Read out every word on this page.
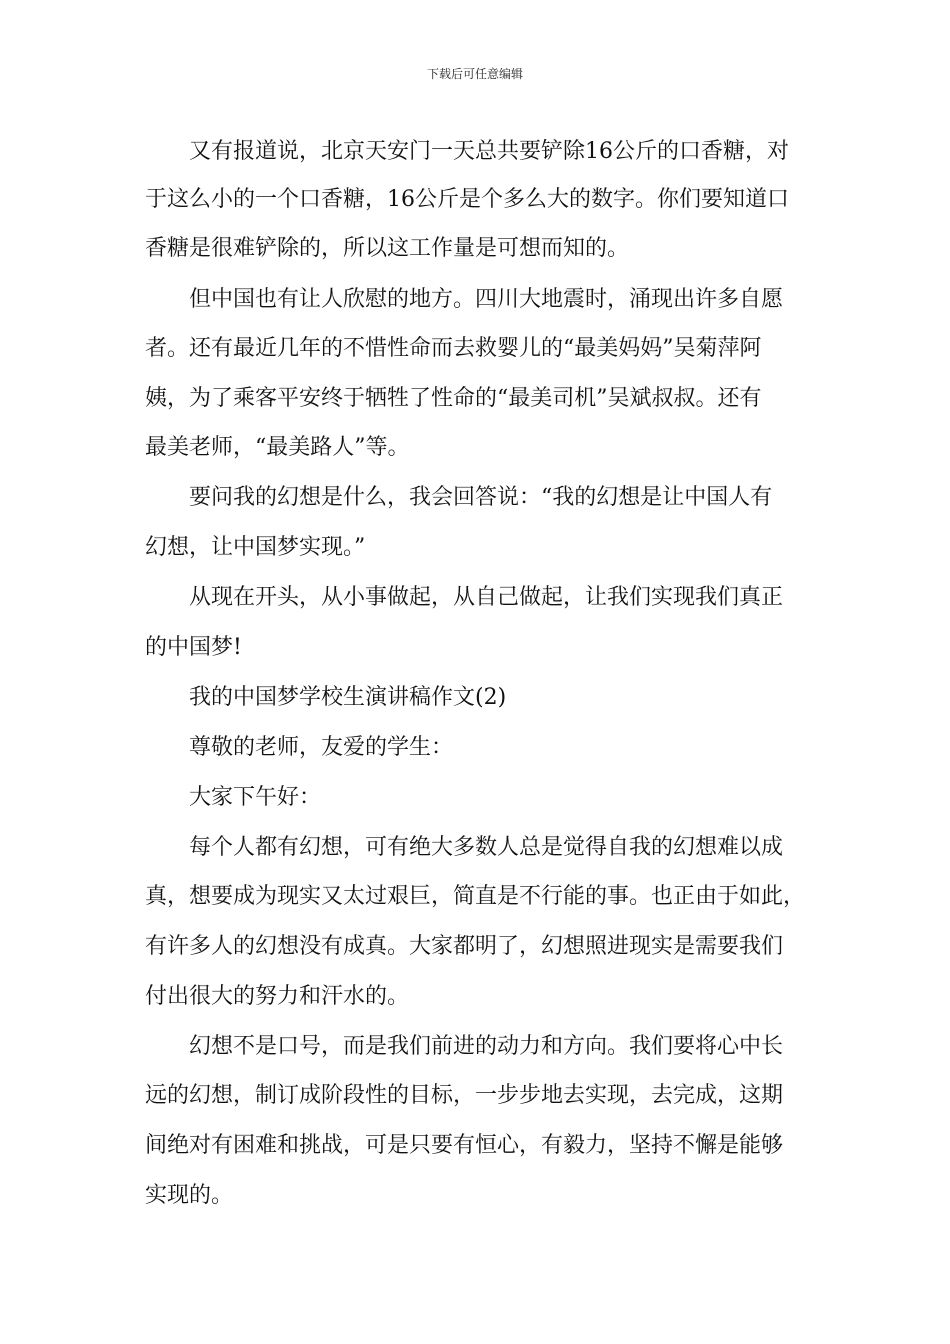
下载后可任意编辑
又有报道说，北京天安门一天总共要铲除16公斤的口香糖，对
于这么小的一个口香糖，16公斤是个多么大的数字。你们要知道口
香糖是很难铲除的，所以这工作量是可想而知的。
但中国也有让人欣慰的地方。四川大地震时，涌现出许多自愿
者。还有最近几年的不惜性命而去救婴儿的“最美妈妈”吴菊萍阿
姨，为了乘客平安终于牺牲了性命的“最美司机”吴斌叔叔。还有
最美老师，“最美路人”等。
要问我的幻想是什么，我会回答说：“我的幻想是让中国人有
幻想，让中国梦实现。”
从现在开头，从小事做起，从自己做起，让我们实现我们真正
的中国梦!
我的中国梦学校生演讲稿作文(2)
尊敬的老师，友爱的学生：
大家下午好：
每个人都有幻想，可有绝大多数人总是觉得自我的幻想难以成
真，想要成为现实又太过艰巨，简直是不行能的事。也正由于如此，
有许多人的幻想没有成真。大家都明了，幻想照进现实是需要我们
付出很大的努力和汗水的。
幻想不是口号，而是我们前进的动力和方向。我们要将心中长
远的幻想，制订成阶段性的目标，一步步地去实现，去完成，这期
间绝对有困难和挑战，可是只要有恒心，有毅力，坚持不懈是能够
实现的。
